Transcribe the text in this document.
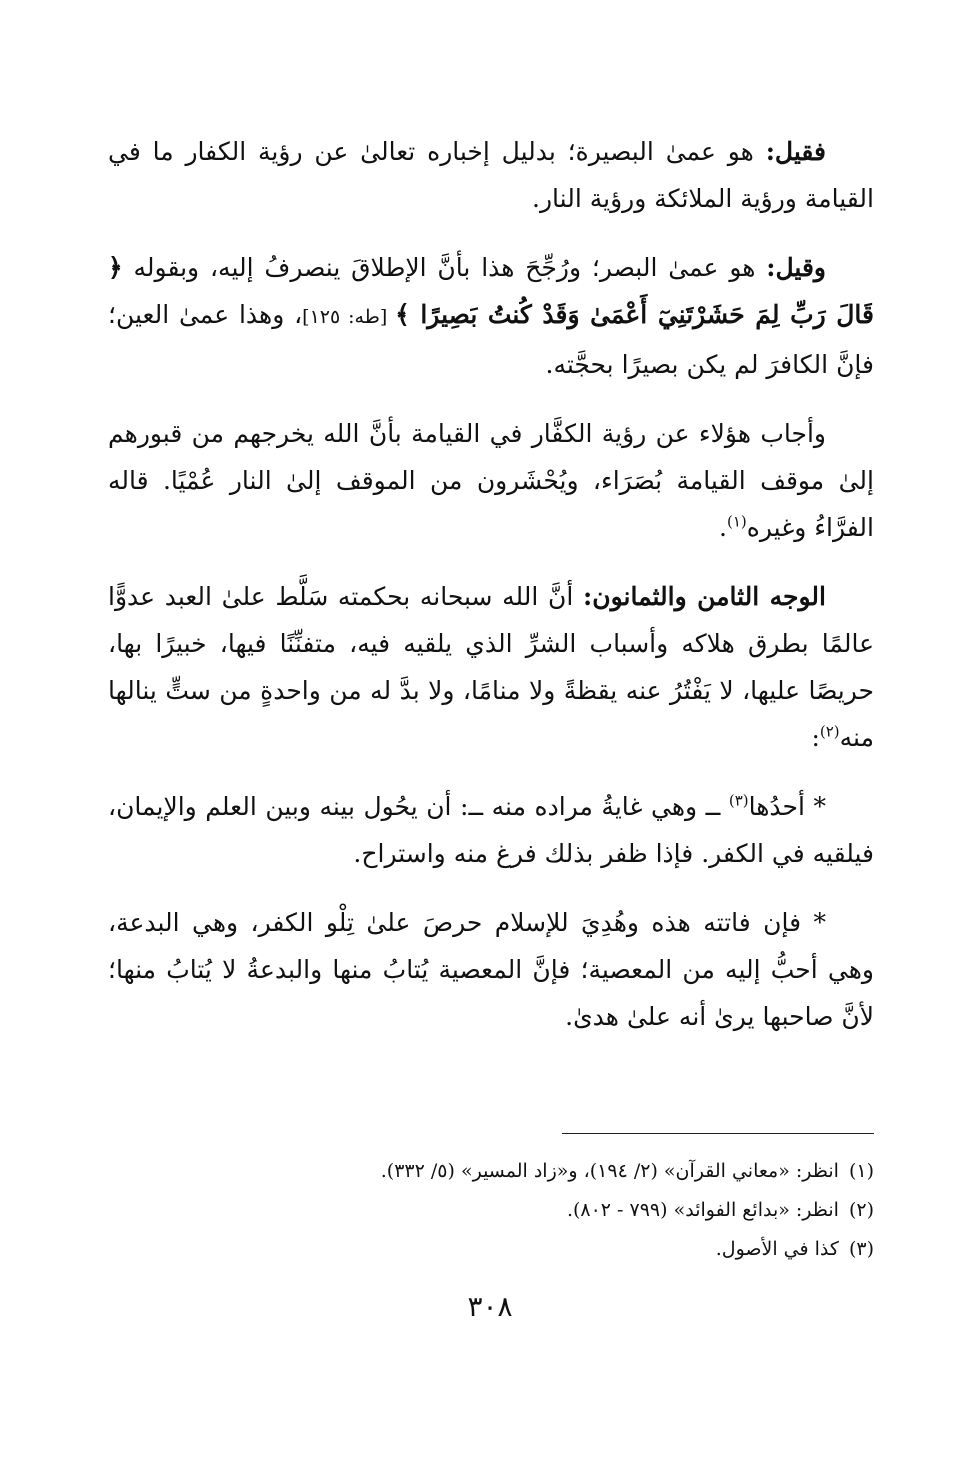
فقيل: هو عمىٰ البصيرة؛ بدليل إخباره تعالىٰ عن رؤية الكفار ما في القيامة ورؤية الملائكة ورؤية النار.

وقيل: هو عمىٰ البصر؛ ورُجِّحَ هذا بأنَّ الإطلاقَ ينصرفُ إليه، وبقوله ﴿ قَالَ رَبِّ لِمَ حَشَرْتَنِيٓ أَعْمَىٰ وَقَدْ كُنتُ بَصِيرًا ﴾ [طه: ١٢٥]، وهذا عمىٰ العين؛ فإنَّ الكافرَ لم يكن بصيرًا بحجَّته.

وأجاب هؤلاء عن رؤية الكفَّار في القيامة بأنَّ الله يخرجهم من قبورهم إلىٰ موقف القيامة بُصَرَاء، ويُحْشَرون من الموقف إلىٰ النار عُمْيًا. قاله الفرَّاءُ وغيره$^{(١)}$.

الوجه الثامن والثمانون: أنَّ الله سبحانه بحكمته سَلَّط علىٰ العبد عدوًّا عالمًا بطرق هلاكه وأسباب الشرِّ الذي يلقيه فيه، متفنِّنًا فيها، خبيرًا بها، حريصًا عليها، لا يَفْتُرُ عنه يقظةً ولا منامًا، ولا بدَّ له من واحدةٍ من ستٍّ ينالها منه$^{(٢)}$:

* أحدُها$^{(٣)}$ ــ وهي غايةُ مراده منه ــ: أن يحُول بينه وبين العلم والإيمان، فيلقيه في الكفر. فإذا ظفر بذلك فرغ منه واستراح.

* فإن فاتته هذه وهُدِيَ للإسلام حرصَ علىٰ تِلْو الكفر، وهي البدعة، وهي أحبُّ إليه من المعصية؛ فإنَّ المعصية يُتابُ منها والبدعةُ لا يُتابُ منها؛ لأنَّ صاحبها يرىٰ أنه علىٰ هدىٰ.

(١)انظر: «معاني القرآن» (٢/ ١٩٤)، و«زاد المسير» (٥/ ٣٣٢).

(٢)انظر: «بدائع الفوائد» (٧٩٩ - ٨٠٢).

(٣)كذا في الأصول.

٣٠٨
